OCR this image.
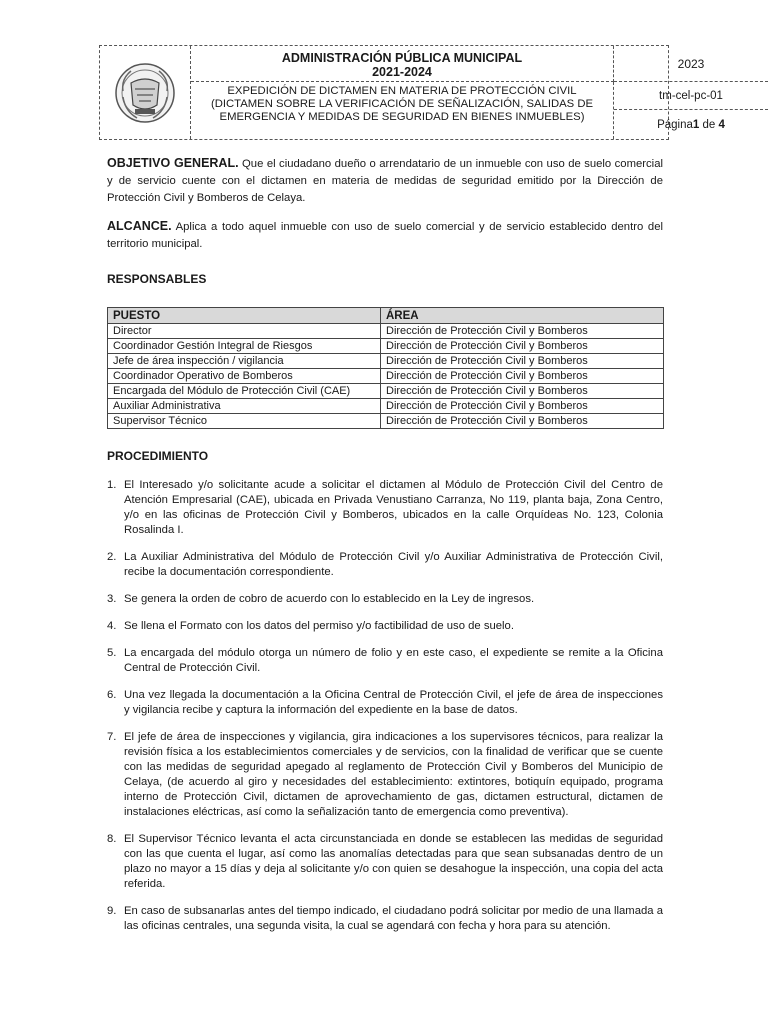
ADMINISTRACIÓN PÚBLICA MUNICIPAL
2021-2024
EXPEDICIÓN DE DICTAMEN EN MATERIA DE PROTECCIÓN CIVIL (DICTAMEN SOBRE LA VERIFICACIÓN DE SEÑALIZACIÓN, SALIDAS DE EMERGENCIA Y MEDIDAS DE SEGURIDAD EN BIENES INMUEBLES)
2023
tm-cel-pc-01
Página 1 de 4
OBJETIVO GENERAL. Que el ciudadano dueño o arrendatario de un inmueble con uso de suelo comercial y de servicio cuente con el dictamen en materia de medidas de seguridad emitido por la Dirección de Protección Civil y Bomberos de Celaya.
ALCANCE. Aplica a todo aquel inmueble con uso de suelo comercial y de servicio establecido dentro del territorio municipal.
RESPONSABLES
PUESTO	ÁREA
Director	Dirección de Protección Civil y Bomberos
Coordinador Gestión Integral de Riesgos	Dirección de Protección Civil y Bomberos
Jefe de área inspección / vigilancia	Dirección de Protección Civil y Bomberos
Coordinador Operativo de Bomberos	Dirección de Protección Civil y Bomberos
Encargada del Módulo de Protección Civil (CAE)	Dirección de Protección Civil y Bomberos
Auxiliar Administrativa	Dirección de Protección Civil y Bomberos
Supervisor Técnico	Dirección de Protección Civil y Bomberos
PROCEDIMIENTO
1. El Interesado y/o solicitante acude a solicitar el dictamen al Módulo de Protección Civil del Centro de Atención Empresarial (CAE), ubicada en Privada Venustiano Carranza, No 119, planta baja, Zona Centro, y/o en las oficinas de Protección Civil y Bomberos, ubicados en la calle Orquídeas No. 123, Colonia Rosalinda I.
2. La Auxiliar Administrativa del Módulo de Protección Civil y/o Auxiliar Administrativa de Protección Civil, recibe la documentación correspondiente.
3. Se genera la orden de cobro de acuerdo con lo establecido en la Ley de ingresos.
4. Se llena el Formato con los datos del permiso y/o factibilidad de uso de suelo.
5. La encargada del módulo otorga un número de folio y en este caso, el expediente se remite a la Oficina Central de Protección Civil.
6. Una vez llegada la documentación a la Oficina Central de Protección Civil, el jefe de área de inspecciones y vigilancia recibe y captura la información del expediente en la base de datos.
7. El jefe de área de inspecciones y vigilancia, gira indicaciones a los supervisores técnicos, para realizar la revisión física a los establecimientos comerciales y de servicios, con la finalidad de verificar que se cuente con las medidas de seguridad apegado al reglamento de Protección Civil y Bomberos del Municipio de Celaya, (de acuerdo al giro y necesidades del establecimiento: extintores, botiquín equipado, programa interno de Protección Civil, dictamen de aprovechamiento de gas, dictamen estructural, dictamen de instalaciones eléctricas, así como la señalización tanto de emergencia como preventiva).
8. El Supervisor Técnico levanta el acta circunstanciada en donde se establecen las medidas de seguridad con las que cuenta el lugar, así como las anomalías detectadas para que sean subsanadas dentro de un plazo no mayor a 15 días y deja al solicitante y/o con quien se desahogue la inspección, una copia del acta referida.
9. En caso de subsanarlas antes del tiempo indicado, el ciudadano podrá solicitar por medio de una llamada a las oficinas centrales, una segunda visita, la cual se agendará con fecha y hora para su atención.
